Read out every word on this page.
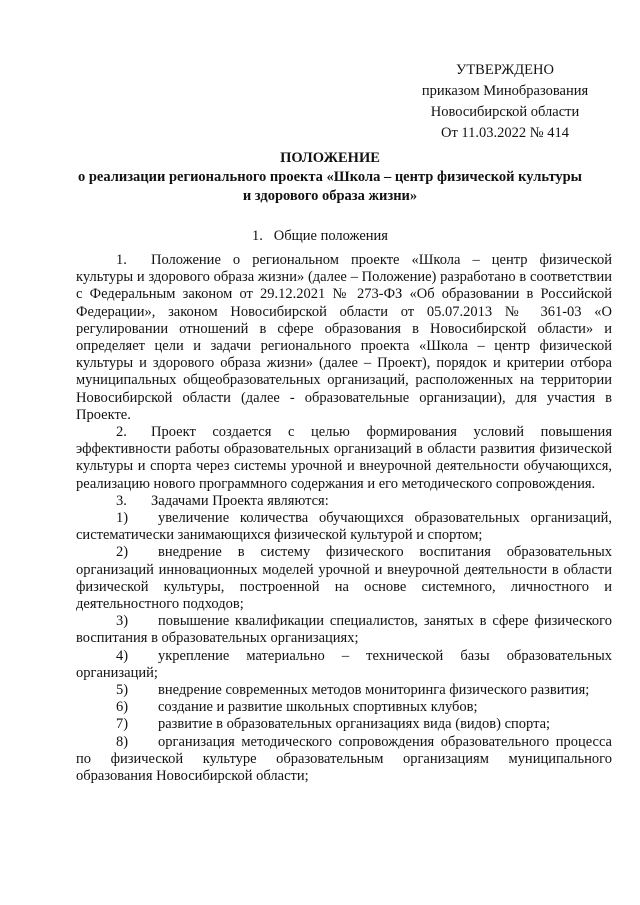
УТВЕРЖДЕНО
приказом Минобразования
Новосибирской области
От 11.03.2022 № 414
ПОЛОЖЕНИЕ
о реализации регионального проекта «Школа – центр физической культуры
и здорового образа жизни»
1. Общие положения

1. Положение о региональном проекте «Школа – центр физической культуры и здорового образа жизни» (далее – Положение) разработано в соответствии с Федеральным законом от 29.12.2021 № 273-ФЗ «Об образовании в Российской Федерации», законом Новосибирской области от 05.07.2013 № 361-03 «О регулировании отношений в сфере образования в Новосибирской области» и определяет цели и задачи регионального проекта «Школа – центр физической культуры и здорового образа жизни» (далее – Проект), порядок и критерии отбора муниципальных общеобразовательных организаций, расположенных на территории Новосибирской области (далее - образовательные организации), для участия в Проекте.

2. Проект создается с целью формирования условий повышения эффективности работы образовательных организаций в области развития физической культуры и спорта через системы урочной и внеурочной деятельности обучающихся, реализацию нового программного содержания и его методического сопровождения.

3. Задачами Проекта являются:

1) увеличение количества обучающихся образовательных организаций, систематически занимающихся физической культурой и спортом;

2) внедрение в систему физического воспитания образовательных организаций инновационных моделей урочной и внеурочной деятельности в области физической культуры, построенной на основе системного, личностного и деятельностного подходов;

3) повышение квалификации специалистов, занятых в сфере физического воспитания в образовательных организациях;

4) укрепление материально – технической базы образовательных организаций;

5) внедрение современных методов мониторинга физического развития;

6) создание и развитие школьных спортивных клубов;

7) развитие в образовательных организациях вида (видов) спорта;

8) организация методического сопровождения образовательного процесса по физической культуре образовательным организациям муниципального образования Новосибирской области;
